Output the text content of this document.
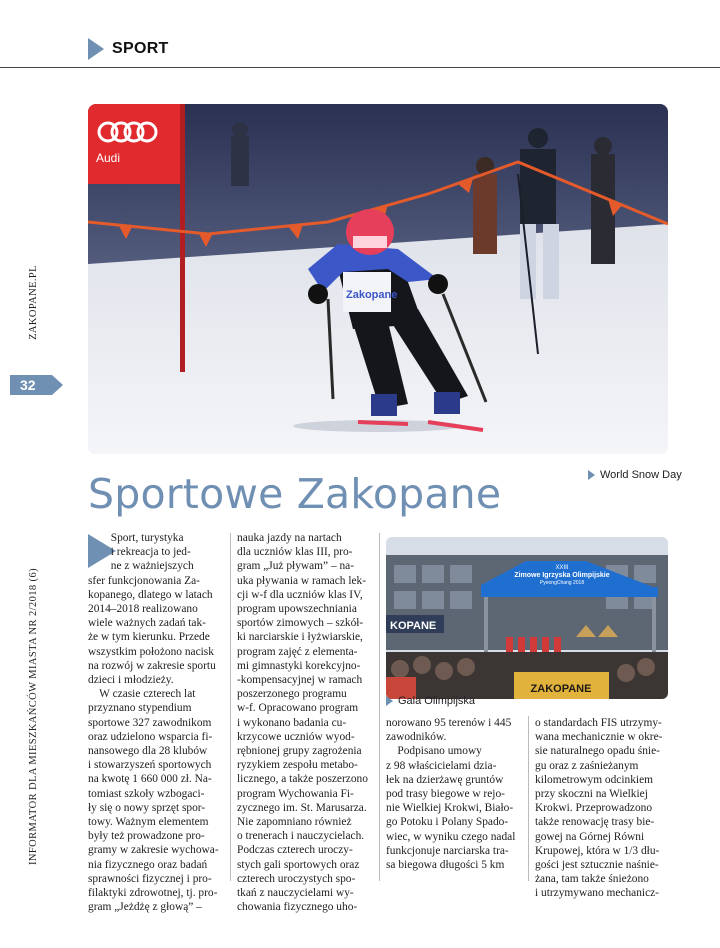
SPORT
INFORMATOR DLA MIESZKAŃCÓW MIASTA NR 2/2018 (6)
ZAKOPANE.PL
32
Audi
Zakopane
World Snow Day
Sportowe Zakopane
Sport, turystyka
i rekreacja to jed-
ne z ważniejszych
sfer funkcjonowania Za-
kopanego, dlatego w latach
2014–2018 realizowano
wiele ważnych zadań tak-
że w tym kierunku. Przede
wszystkim położono nacisk
na rozwój w zakresie sportu
dzieci i młodzieży.
W czasie czterech lat
przyznano stypendium
sportowe 327 zawodnikom
oraz udzielono wsparcia fi-
nansowego dla 28 klubów
i stowarzyszeń sportowych
na kwotę 1 660 000 zł. Na-
tomiast szkoły wzbogaci-
ły się o nowy sprzęt spor-
towy. Ważnym elementem
były też prowadzone pro-
gramy w zakresie wychowa-
nia fizycznego oraz badań
sprawności fizycznej i pro-
filaktyki zdrowotnej, tj. pro-
gram „Jeżdżę z głową” –
nauka jazdy na nartach
dla uczniów klas III, pro-
gram „Już pływam” – na-
uka pływania w ramach lek-
cji w-f dla uczniów klas IV,
program upowszechniania
sportów zimowych – szkół-
ki narciarskie i łyżwiarskie,
program zajęć z elementa-
mi gimnastyki korekcyjno-
-kompensacyjnej w ramach
poszerzonego programu
w-f. Opracowano program
i wykonano badania cu-
krzycowe uczniów wyod-
rębnionej grupy zagrożenia
ryzykiem zespołu metabo-
licznego, a także poszerzono
program Wychowania Fi-
zycznego im. St. Marusarza.
Nie zapomniano również
o trenerach i nauczycielach.
Podczas czterech uroczy-
stych gali sportowych oraz
czterech uroczystych spo-
tkań z nauczycielami wy-
chowania fizycznego uho-
KOPANE
XXIII
Zimowe Igrzyska Olimpijskie
PyeongChang 2018
ZAKOPANE
Gala Olimpijska
norowano 95 terenów i 445
zawodników.
Podpisano umowy
z 98 właścicielami dzia-
łek na dzierżawę gruntów
pod trasy biegowe w rejo-
nie Wielkiej Krokwi, Biało-
go Potoku i Polany Spado-
wiec, w wyniku czego nadal
funkcjonuje narciarska tra-
sa biegowa długości 5 km
o standardach FIS utrzymy-
wana mechanicznie w okre-
sie naturalnego opadu śnie-
gu oraz z zaśnieżanym
kilometrowym odcinkiem
przy skoczni na Wielkiej
Krokwi. Przeprowadzono
także renowację trasy bie-
gowej na Górnej Równi
Krupowej, która w 1/3 dłu-
gości jest sztucznie naśnie-
żana, tam także śnieżono
i utrzymywano mechanicz-
